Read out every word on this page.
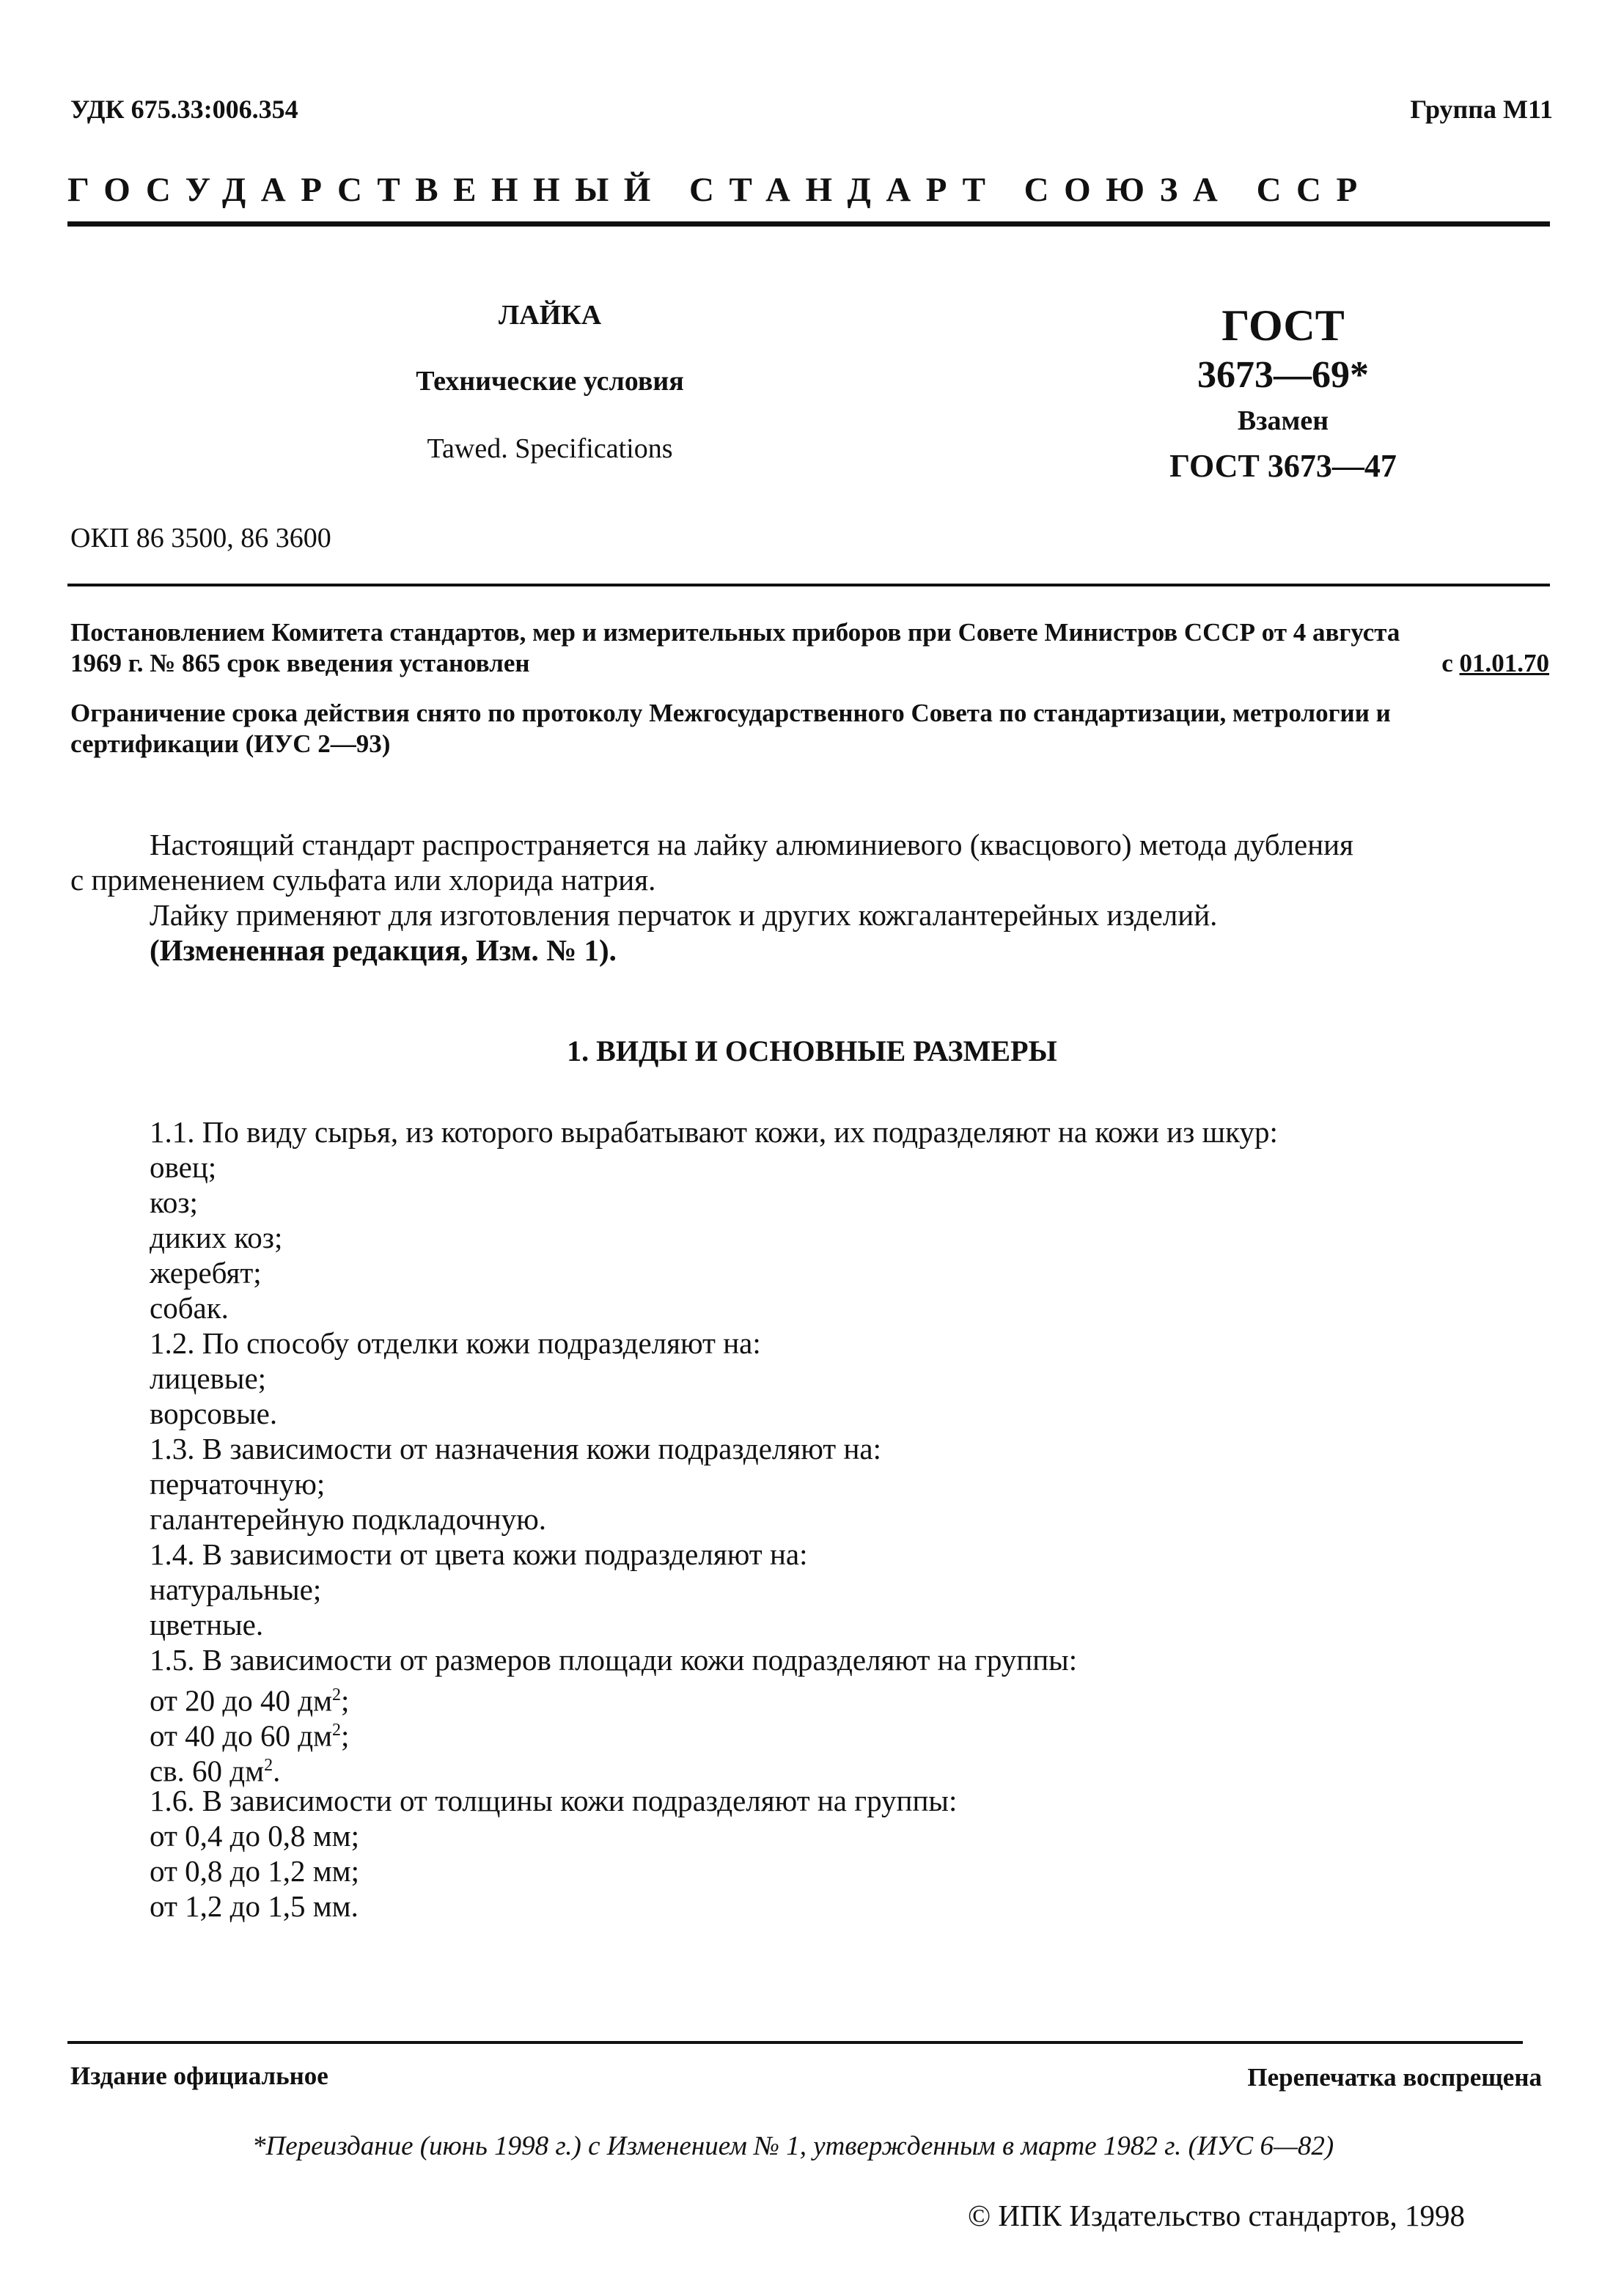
УДК 675.33:006.354	Группа М11
ГОСУДАРСТВЕННЫЙ СТАНДАРТ СОЮЗА ССР
ЛАЙКА
Технические условия
Tawed. Specifications
ГОСТ
3673—69*
Взамен
ГОСТ 3673—47
ОКП 86 3500, 86 3600
Постановлением Комитета стандартов, мер и измерительных приборов при Совете Министров СССР от 4 августа
1969 г. № 865 срок введения установлен	с 01.01.70
Ограничение срока действия снято по протоколу Межгосударственного Совета по стандартизации, метрологии и
сертификации (ИУС 2—93)
Настоящий стандарт распространяется на лайку алюминиевого (квасцового) метода дубления
с применением сульфата или хлорида натрия.
Лайку применяют для изготовления перчаток и других кожгалантерейных изделий.
(Измененная редакция, Изм. № 1).
1. ВИДЫ И ОСНОВНЫЕ РАЗМЕРЫ
1.1. По виду сырья, из которого вырабатывают кожи, их подразделяют на кожи из шкур:
овец;
коз;
диких коз;
жеребят;
собак.
1.2. По способу отделки кожи подразделяют на:
лицевые;
ворсовые.
1.3. В зависимости от назначения кожи подразделяют на:
перчаточную;
галантерейную подкладочную.
1.4. В зависимости от цвета кожи подразделяют на:
натуральные;
цветные.
1.5. В зависимости от размеров площади кожи подразделяют на группы:
от 20 до 40 $дм^2$;
от 40 до 60 $дм^2$;
св. 60 $дм^2$.
1.6. В зависимости от толщины кожи подразделяют на группы:
от 0,4 до 0,8 мм;
от 0,8 до 1,2 мм;
от 1,2 до 1,5 мм.
Издание официальное	Перепечатка воспрещена
*Переиздание (июнь 1998 г.) с Изменением № 1, утвержденным в марте 1982 г. (ИУС 6—82)
© ИПК Издательство стандартов, 1998
